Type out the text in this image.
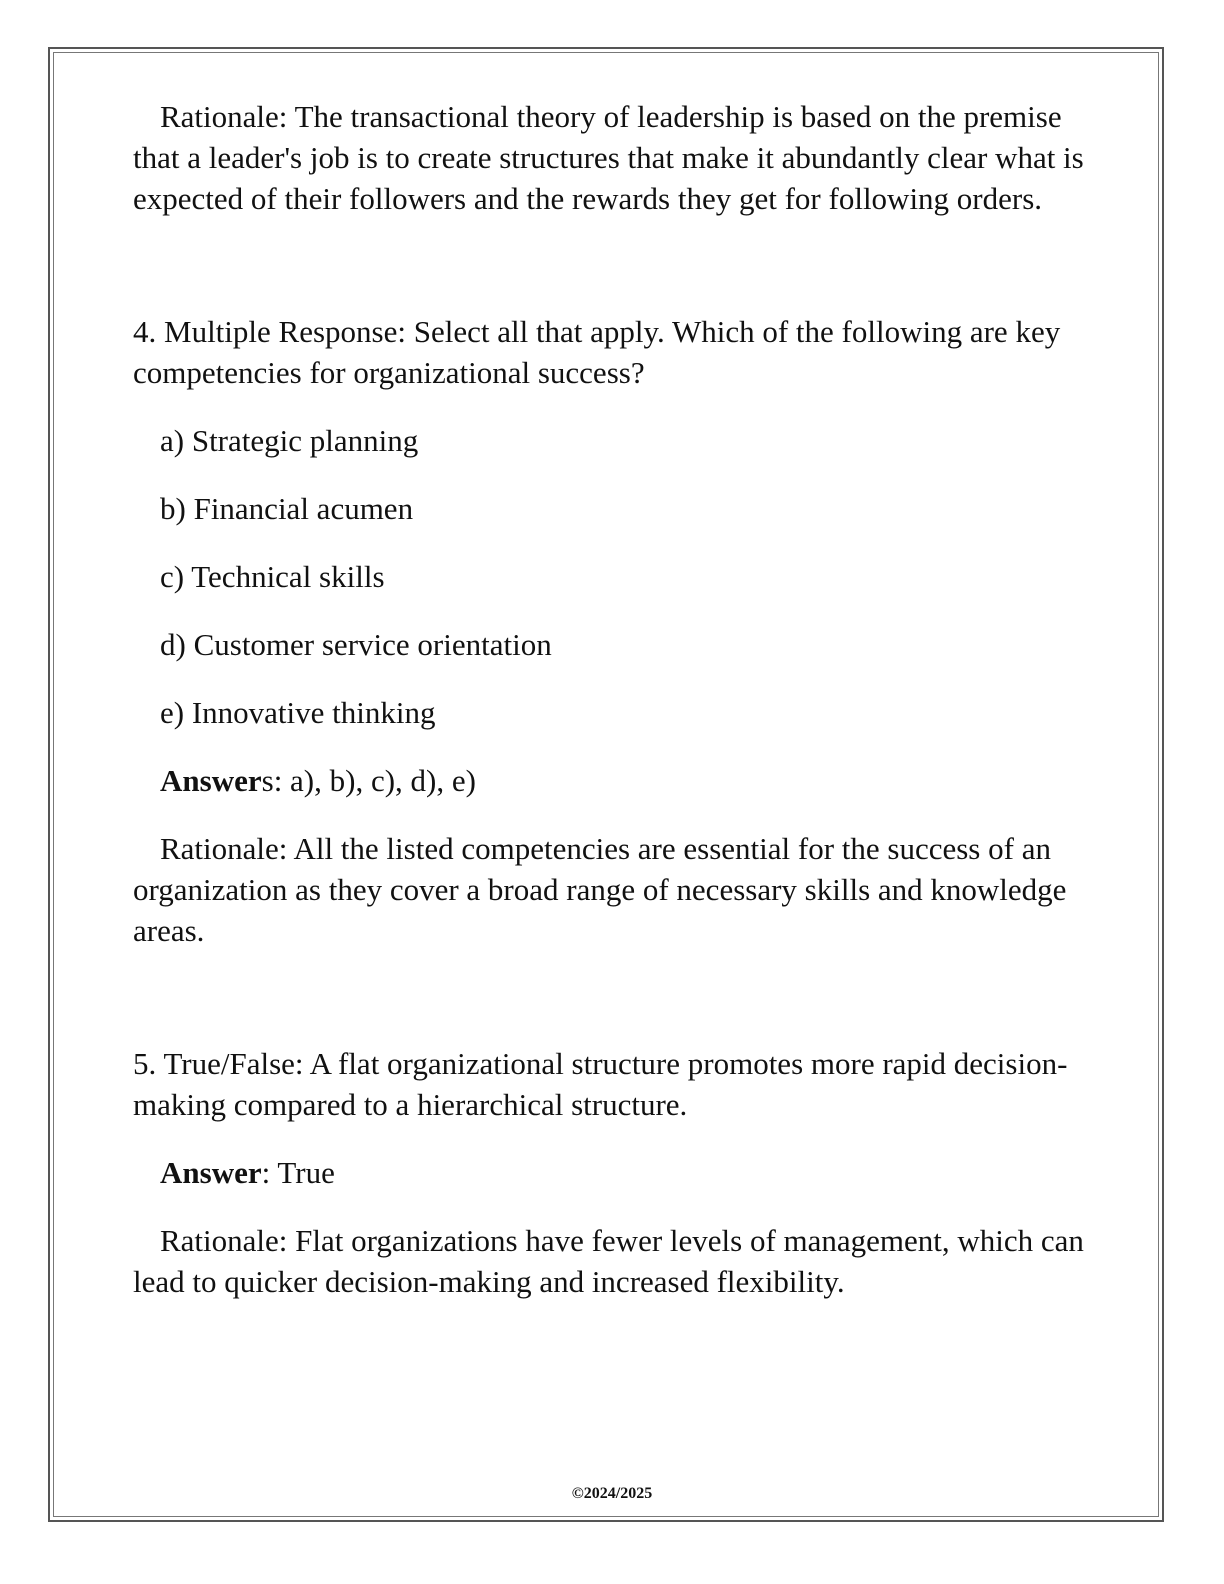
Rationale: The transactional theory of leadership is based on the premise that a leader's job is to create structures that make it abundantly clear what is expected of their followers and the rewards they get for following orders.

4. Multiple Response: Select all that apply. Which of the following are key competencies for organizational success?

a) Strategic planning

b) Financial acumen

c) Technical skills

d) Customer service orientation

e) Innovative thinking

Answers: a), b), c), d), e)

Rationale: All the listed competencies are essential for the success of an organization as they cover a broad range of necessary skills and knowledge areas.

5. True/False: A flat organizational structure promotes more rapid decision-making compared to a hierarchical structure.

Answer: True

Rationale: Flat organizations have fewer levels of management, which can lead to quicker decision-making and increased flexibility.

©2024/2025
